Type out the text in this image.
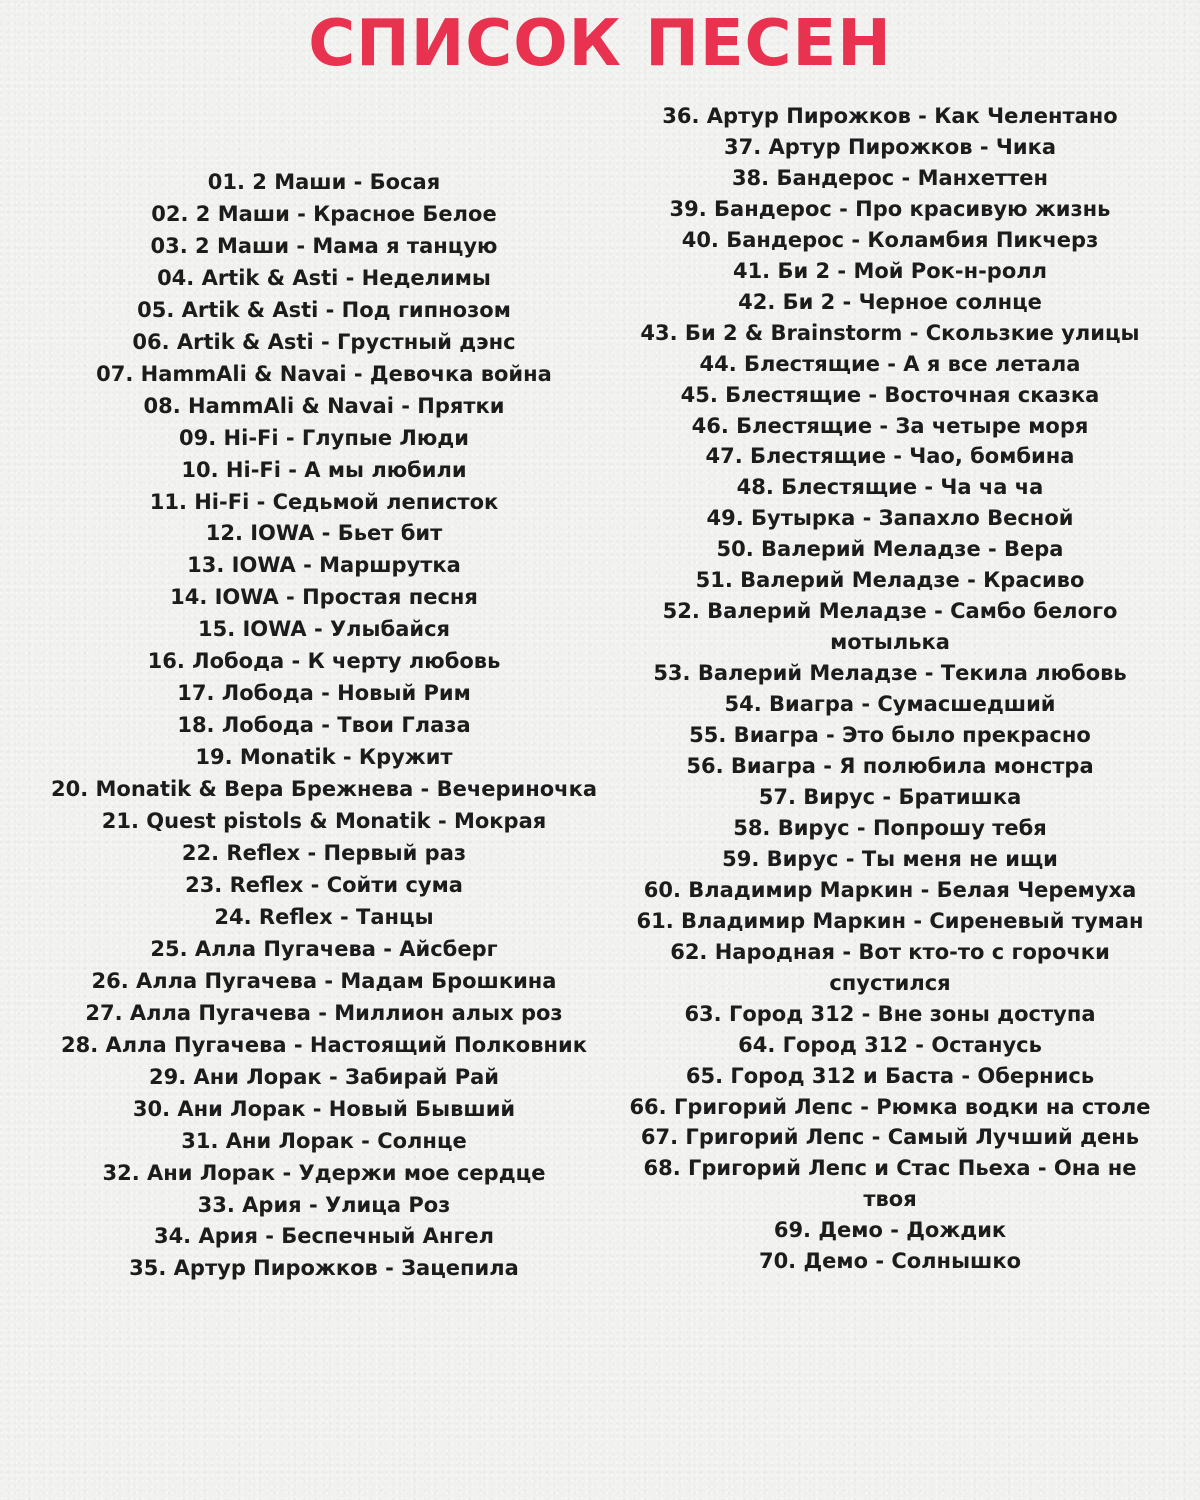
СПИСОК ПЕСЕН
01. 2 Маши - Босая
02. 2 Маши - Красное Белое
03. 2 Маши - Мама я танцую
04. Artik & Asti - Неделимы
05. Artik & Asti - Под гипнозом
06. Artik & Asti - Грустный дэнс
07. HammAli & Navai - Девочка война
08. HammAli & Navai - Прятки
09. Hi-Fi - Глупые Люди
10. Hi-Fi - А мы любили
11. Hi-Fi - Седьмой леписток
12. IOWA - Бьет бит
13. IOWA - Маршрутка
14. IOWA - Простая песня
15. IOWA - Улыбайся
16. Лобода - К черту любовь
17. Лобода - Новый Рим
18. Лобода - Твои Глаза
19. Monatik - Кружит
20. Monatik & Вера Брежнева - Вечериночка
21. Quest pistols & Monatik - Мокрая
22. Reflex - Первый раз
23. Reflex - Сойти сума
24. Reflex - Танцы
25. Алла Пугачева - Айсберг
26. Алла Пугачева - Мадам Брошкина
27. Алла Пугачева - Миллион алых роз
28. Алла Пугачева - Настоящий Полковник
29. Ани Лорак - Забирай Рай
30. Ани Лорак - Новый Бывший
31. Ани Лорак - Солнце
32. Ани Лорак - Удержи мое сердце
33. Ария - Улица Роз
34. Ария - Беспечный Ангел
35. Артур Пирожков - Зацепила
36. Артур Пирожков - Как Челентано
37. Артур Пирожков - Чика
38. Бандерос - Манхеттен
39. Бандерос - Про красивую жизнь
40. Бандерос - Коламбия Пикчерз
41. Би 2 - Мой Рок-н-ролл
42. Би 2 - Черное солнце
43. Би 2 & Brainstorm - Скользкие улицы
44. Блестящие - А я все летала
45. Блестящие - Восточная сказка
46. Блестящие - За четыре моря
47. Блестящие - Чао, бомбина
48. Блестящие - Ча ча ча
49. Бутырка - Запахло Весной
50. Валерий Меладзе - Вера
51. Валерий Меладзе - Красиво
52. Валерий Меладзе - Самбо белого мотылька
53. Валерий Меладзе - Текила любовь
54. Виагра - Сумасшедший
55. Виагра - Это было прекрасно
56. Виагра - Я полюбила монстра
57. Вирус - Братишка
58. Вирус - Попрошу тебя
59. Вирус - Ты меня не ищи
60. Владимир Маркин - Белая Черемуха
61. Владимир Маркин - Сиреневый туман
62. Народная - Вот кто-то с горочки спустился
63. Город 312 - Вне зоны доступа
64. Город 312 - Останусь
65. Город 312 и Баста - Обернись
66. Григорий Лепс - Рюмка водки на столе
67. Григорий Лепс - Самый Лучший день
68. Григорий Лепс и Стас Пьеха - Она не твоя
69. Демо - Дождик
70. Демо - Солнышко
